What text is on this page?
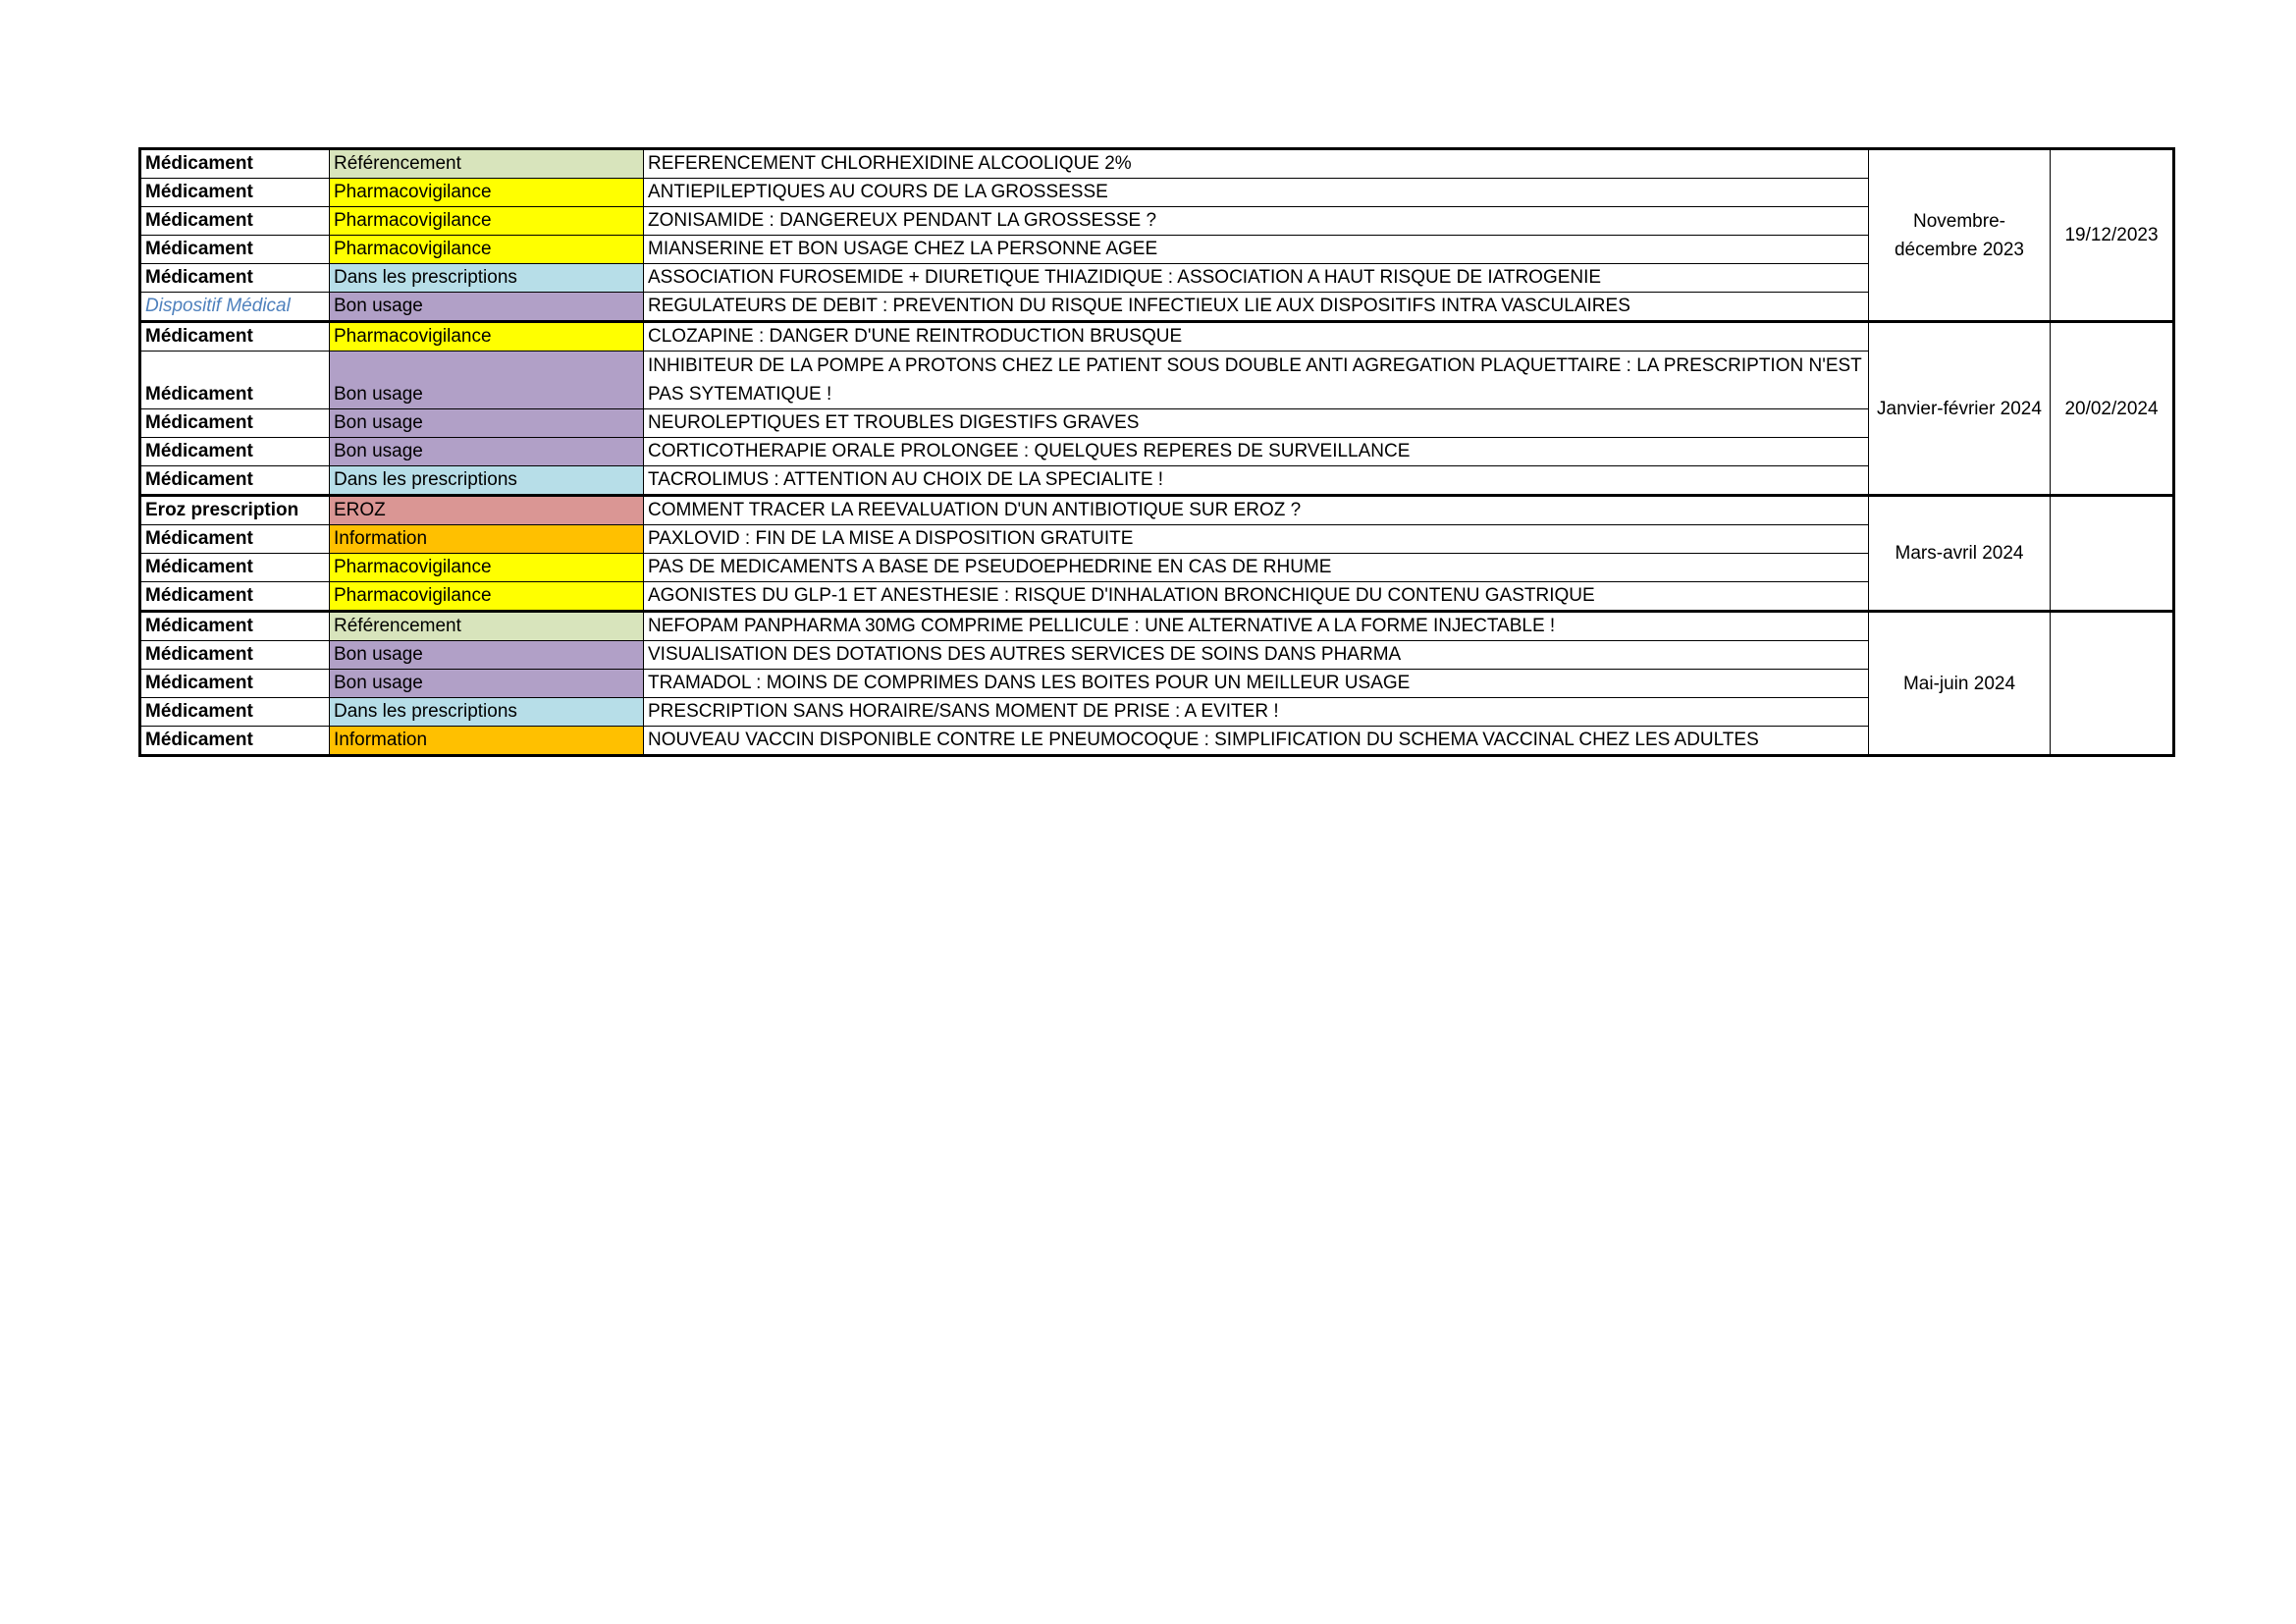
Médicament	Référencement	REFERENCEMENT CHLORHEXIDINE ALCOOLIQUE 2%	Novembre-décembre 2023	19/12/2023
Médicament	Pharmacovigilance	ANTIEPILEPTIQUES AU COURS DE LA GROSSESSE		
Médicament	Pharmacovigilance	ZONISAMIDE : DANGEREUX PENDANT LA GROSSESSE ?		
Médicament	Pharmacovigilance	MIANSERINE ET BON USAGE CHEZ LA PERSONNE AGEE		
Médicament	Dans les prescriptions	ASSOCIATION FUROSEMIDE + DIURETIQUE THIAZIDIQUE : ASSOCIATION A HAUT RISQUE DE IATROGENIE		
Dispositif Médical	Bon usage	REGULATEURS DE DEBIT : PREVENTION DU RISQUE INFECTIEUX LIE AUX DISPOSITIFS INTRA VASCULAIRES		
Médicament	Pharmacovigilance	CLOZAPINE : DANGER D'UNE REINTRODUCTION BRUSQUE	Janvier-février 2024	20/02/2024
Médicament	Bon usage	INHIBITEUR DE LA POMPE A PROTONS CHEZ LE PATIENT SOUS DOUBLE ANTI AGREGATION PLAQUETTAIRE : LA PRESCRIPTION N'EST PAS SYTEMATIQUE !		
Médicament	Bon usage	NEUROLEPTIQUES ET TROUBLES DIGESTIFS GRAVES		
Médicament	Bon usage	CORTICOTHERAPIE ORALE PROLONGEE : QUELQUES REPERES DE SURVEILLANCE		
Médicament	Dans les prescriptions	TACROLIMUS : ATTENTION AU CHOIX DE LA SPECIALITE !		
Eroz prescription	EROZ	COMMENT TRACER LA REEVALUATION D'UN ANTIBIOTIQUE SUR EROZ ?	Mars-avril 2024	
Médicament	Information	PAXLOVID : FIN DE LA MISE A DISPOSITION GRATUITE		
Médicament	Pharmacovigilance	PAS DE MEDICAMENTS A BASE DE PSEUDOEPHEDRINE EN CAS DE RHUME		
Médicament	Pharmacovigilance	AGONISTES DU GLP-1 ET ANESTHESIE : RISQUE D'INHALATION BRONCHIQUE DU CONTENU GASTRIQUE		
Médicament	Référencement	NEFOPAM PANPHARMA 30MG COMPRIME PELLICULE : UNE ALTERNATIVE A LA FORME INJECTABLE !	Mai-juin 2024	
Médicament	Bon usage	VISUALISATION DES DOTATIONS DES AUTRES SERVICES DE SOINS DANS PHARMA		
Médicament	Bon usage	TRAMADOL : MOINS DE COMPRIMES DANS LES BOITES POUR UN MEILLEUR USAGE		
Médicament	Dans les prescriptions	PRESCRIPTION SANS HORAIRE/SANS MOMENT DE PRISE : A EVITER !		
Médicament	Information	NOUVEAU VACCIN DISPONIBLE CONTRE LE PNEUMOCOQUE : SIMPLIFICATION DU SCHEMA VACCINAL CHEZ LES ADULTES		
